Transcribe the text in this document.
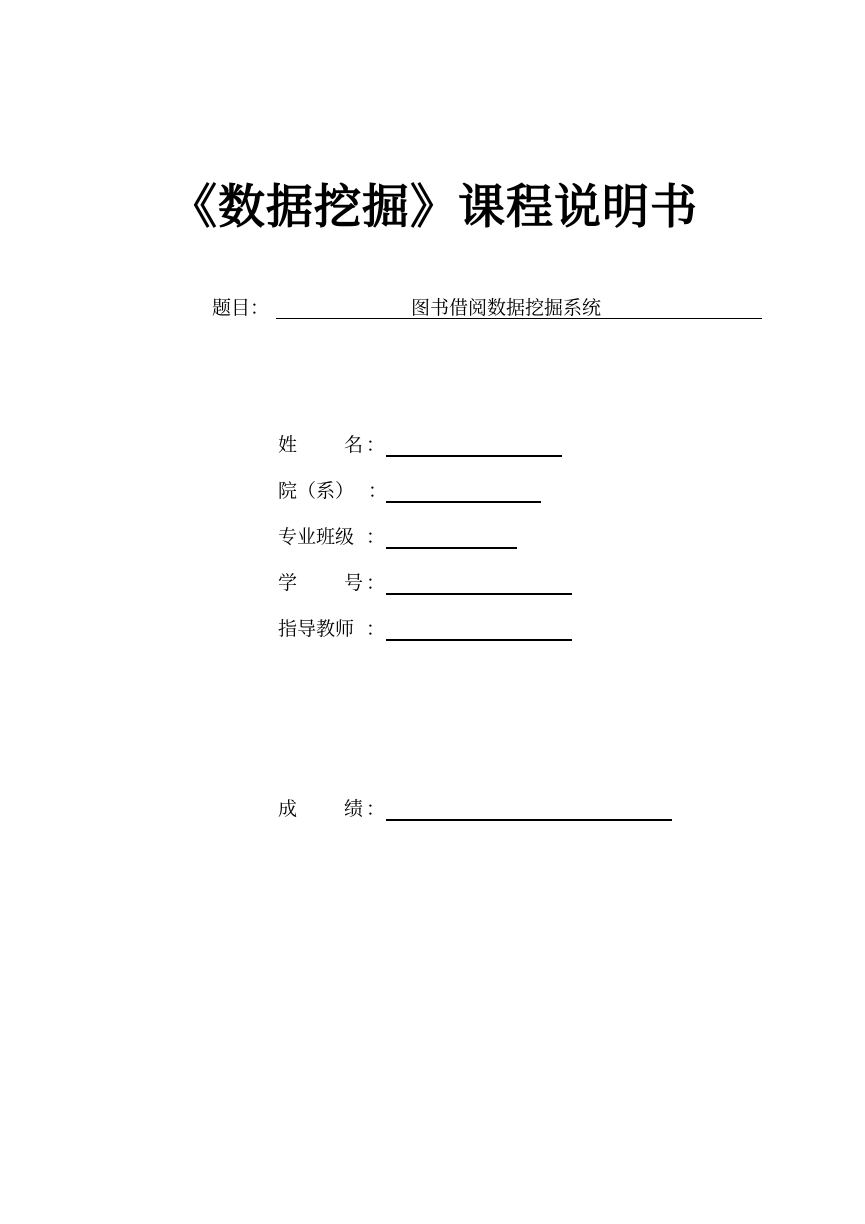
《数据挖掘》课程说明书
题目：	图书借阅数据挖掘系统
姓 名 ：
院（系） ：
专业班级 ：
学 号 ：
指导教师 ：
成 绩 ：
